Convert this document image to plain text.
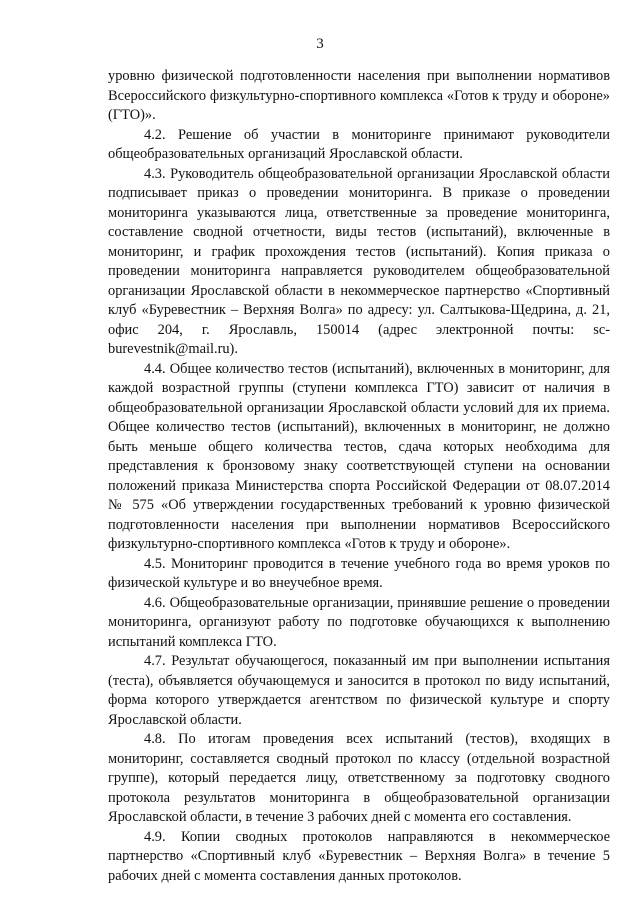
3

уровню физической подготовленности населения при выполнении нормативов Всероссийского физкультурно-спортивного комплекса «Готов к труду и обороне» (ГТО)».

4.2. Решение об участии в мониторинге принимают руководители общеобразовательных организаций Ярославской области.

4.3. Руководитель общеобразовательной организации Ярославской области подписывает приказ о проведении мониторинга. В приказе о проведении мониторинга указываются лица, ответственные за проведение мониторинга, составление сводной отчетности, виды тестов (испытаний), включенные в мониторинг, и график прохождения тестов (испытаний). Копия приказа о проведении мониторинга направляется руководителем общеобразовательной организации Ярославской области в некоммерческое партнерство «Спортивный клуб «Буревестник – Верхняя Волга» по адресу: ул. Салтыкова-Щедрина, д. 21, офис 204, г. Ярославль, 150014 (адрес электронной почты: sc-burevestnik@mail.ru).

4.4. Общее количество тестов (испытаний), включенных в мониторинг, для каждой возрастной группы (ступени комплекса ГТО) зависит от наличия в общеобразовательной организации Ярославской области условий для их приема. Общее количество тестов (испытаний), включенных в мониторинг, не должно быть меньше общего количества тестов, сдача которых необходима для представления к бронзовому знаку соответствующей ступени на основании положений приказа Министерства спорта Российской Федерации от 08.07.2014 № 575 «Об утверждении государственных требований к уровню физической подготовленности населения при выполнении нормативов Всероссийского физкультурно-спортивного комплекса «Готов к труду и обороне».

4.5. Мониторинг проводится в течение учебного года во время уроков по физической культуре и во внеучебное время.

4.6. Общеобразовательные организации, принявшие решение о проведении мониторинга, организуют работу по подготовке обучающихся к выполнению испытаний комплекса ГТО.

4.7. Результат обучающегося, показанный им при выполнении испытания (теста), объявляется обучающемуся и заносится в протокол по виду испытаний, форма которого утверждается агентством по физической культуре и спорту Ярославской области.

4.8. По итогам проведения всех испытаний (тестов), входящих в мониторинг, составляется сводный протокол по классу (отдельной возрастной группе), который передается лицу, ответственному за подготовку сводного протокола результатов мониторинга в общеобразовательной организации Ярославской области, в течение 3 рабочих дней с момента его составления.

4.9. Копии сводных протоколов направляются в некоммерческое партнерство «Спортивный клуб «Буревестник – Верхняя Волга» в течение 5 рабочих дней с момента составления данных протоколов.
